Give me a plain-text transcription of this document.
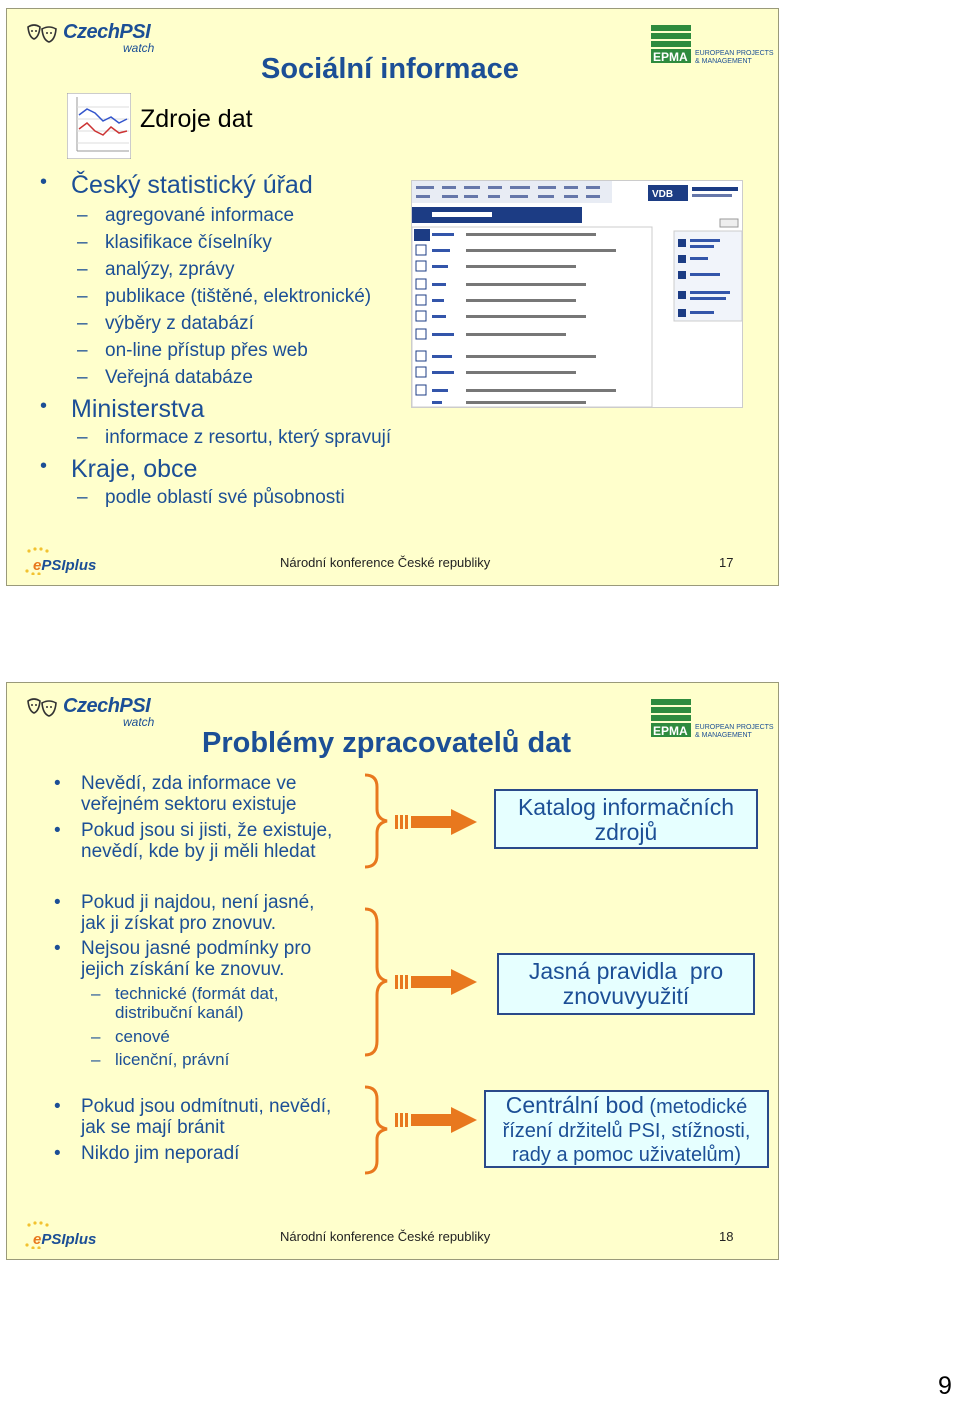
CzechPSI
watch
EPMA EUROPEAN PROJECTS
& MANAGEMENT
Sociální informace
Zdroje dat
• Český statistický úřad
– agregované informace
– klasifikace číselníky
– analýzy, zprávy
– publikace (tištěné, elektronické)
– výběry z databází
– on-line přístup přes web
– Veřejná databáze
• Ministerstva
– informace z resortu, který spravují
• Kraje, obce
– podle oblastí své působnosti
VDB
ePSIplus	Národní konference České republiky	17
CzechPSI
watch
EPMA EUROPEAN PROJECTS
& MANAGEMENT
Problémy zpracovatelů dat
• Nevědí, zda informace ve
veřejném sektoru existuje
• Pokud jsou si jisti, že existuje,
nevědí, kde by ji měli hledat
• Pokud ji najdou, není jasné,
jak ji získat pro znovuv.
• Nejsou jasné podmínky pro
jejich získání ke znovuv.
– technické (formát dat,
distribuční kanál)
– cenové
– licenční, právní
• Pokud jsou odmítnuti, nevědí,
jak se mají bránit
• Nikdo jim neporadí
Katalog informačních
zdrojů
Jasná pravidla  pro
znovuvyužití
Centrální bod (metodické
řízení držitelů PSI, stížnosti,
rady a pomoc uživatelům)
ePSIplus	Národní konference České republiky	18
9
